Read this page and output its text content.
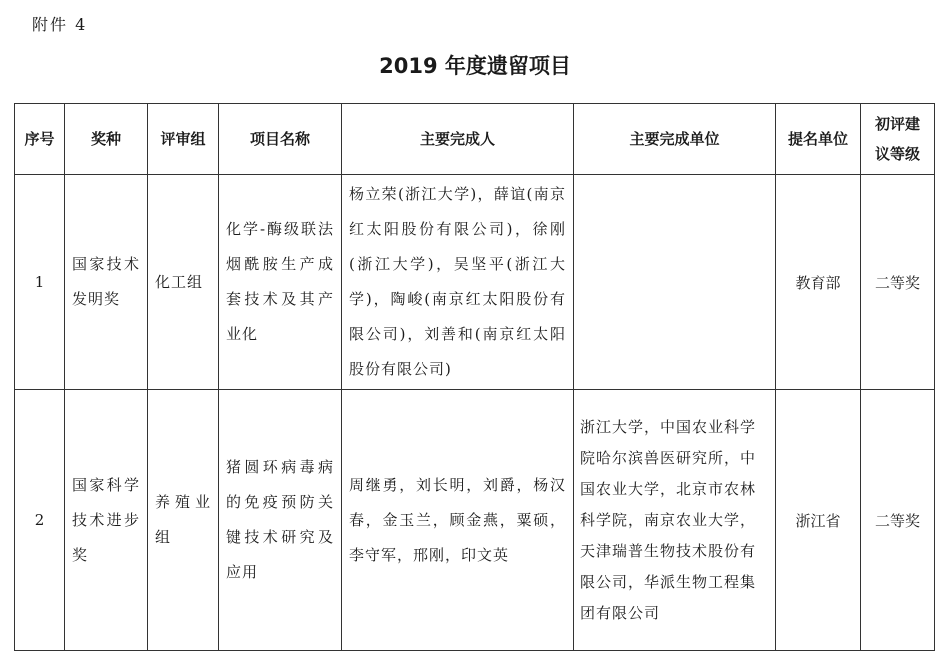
附件 4
2019 年度遗留项目
序号	奖种	评审组	项目名称	主要完成人	主要完成单位	提名单位	初评建议等级
1	国家技术发明奖	化工组	化学-酶级联法烟酰胺生产成套技术及其产业化	杨立荣(浙江大学)，薛谊(南京红太阳股份有限公司)，徐刚(浙江大学)，吴坚平(浙江大学)，陶峻(南京红太阳股份有限公司)，刘善和(南京红太阳股份有限公司)		教育部	二等奖
2	国家科学技术进步奖	养殖业组	猪圆环病毒病的免疫预防关键技术研究及应用	周继勇，刘长明，刘爵，杨汉春，金玉兰，顾金燕，粟硕，李守军，邢刚，印文英	浙江大学，中国农业科学院哈尔滨兽医研究所，中国农业大学，北京市农林科学院，南京农业大学，天津瑞普生物技术股份有限公司，华派生物工程集团有限公司	浙江省	二等奖
